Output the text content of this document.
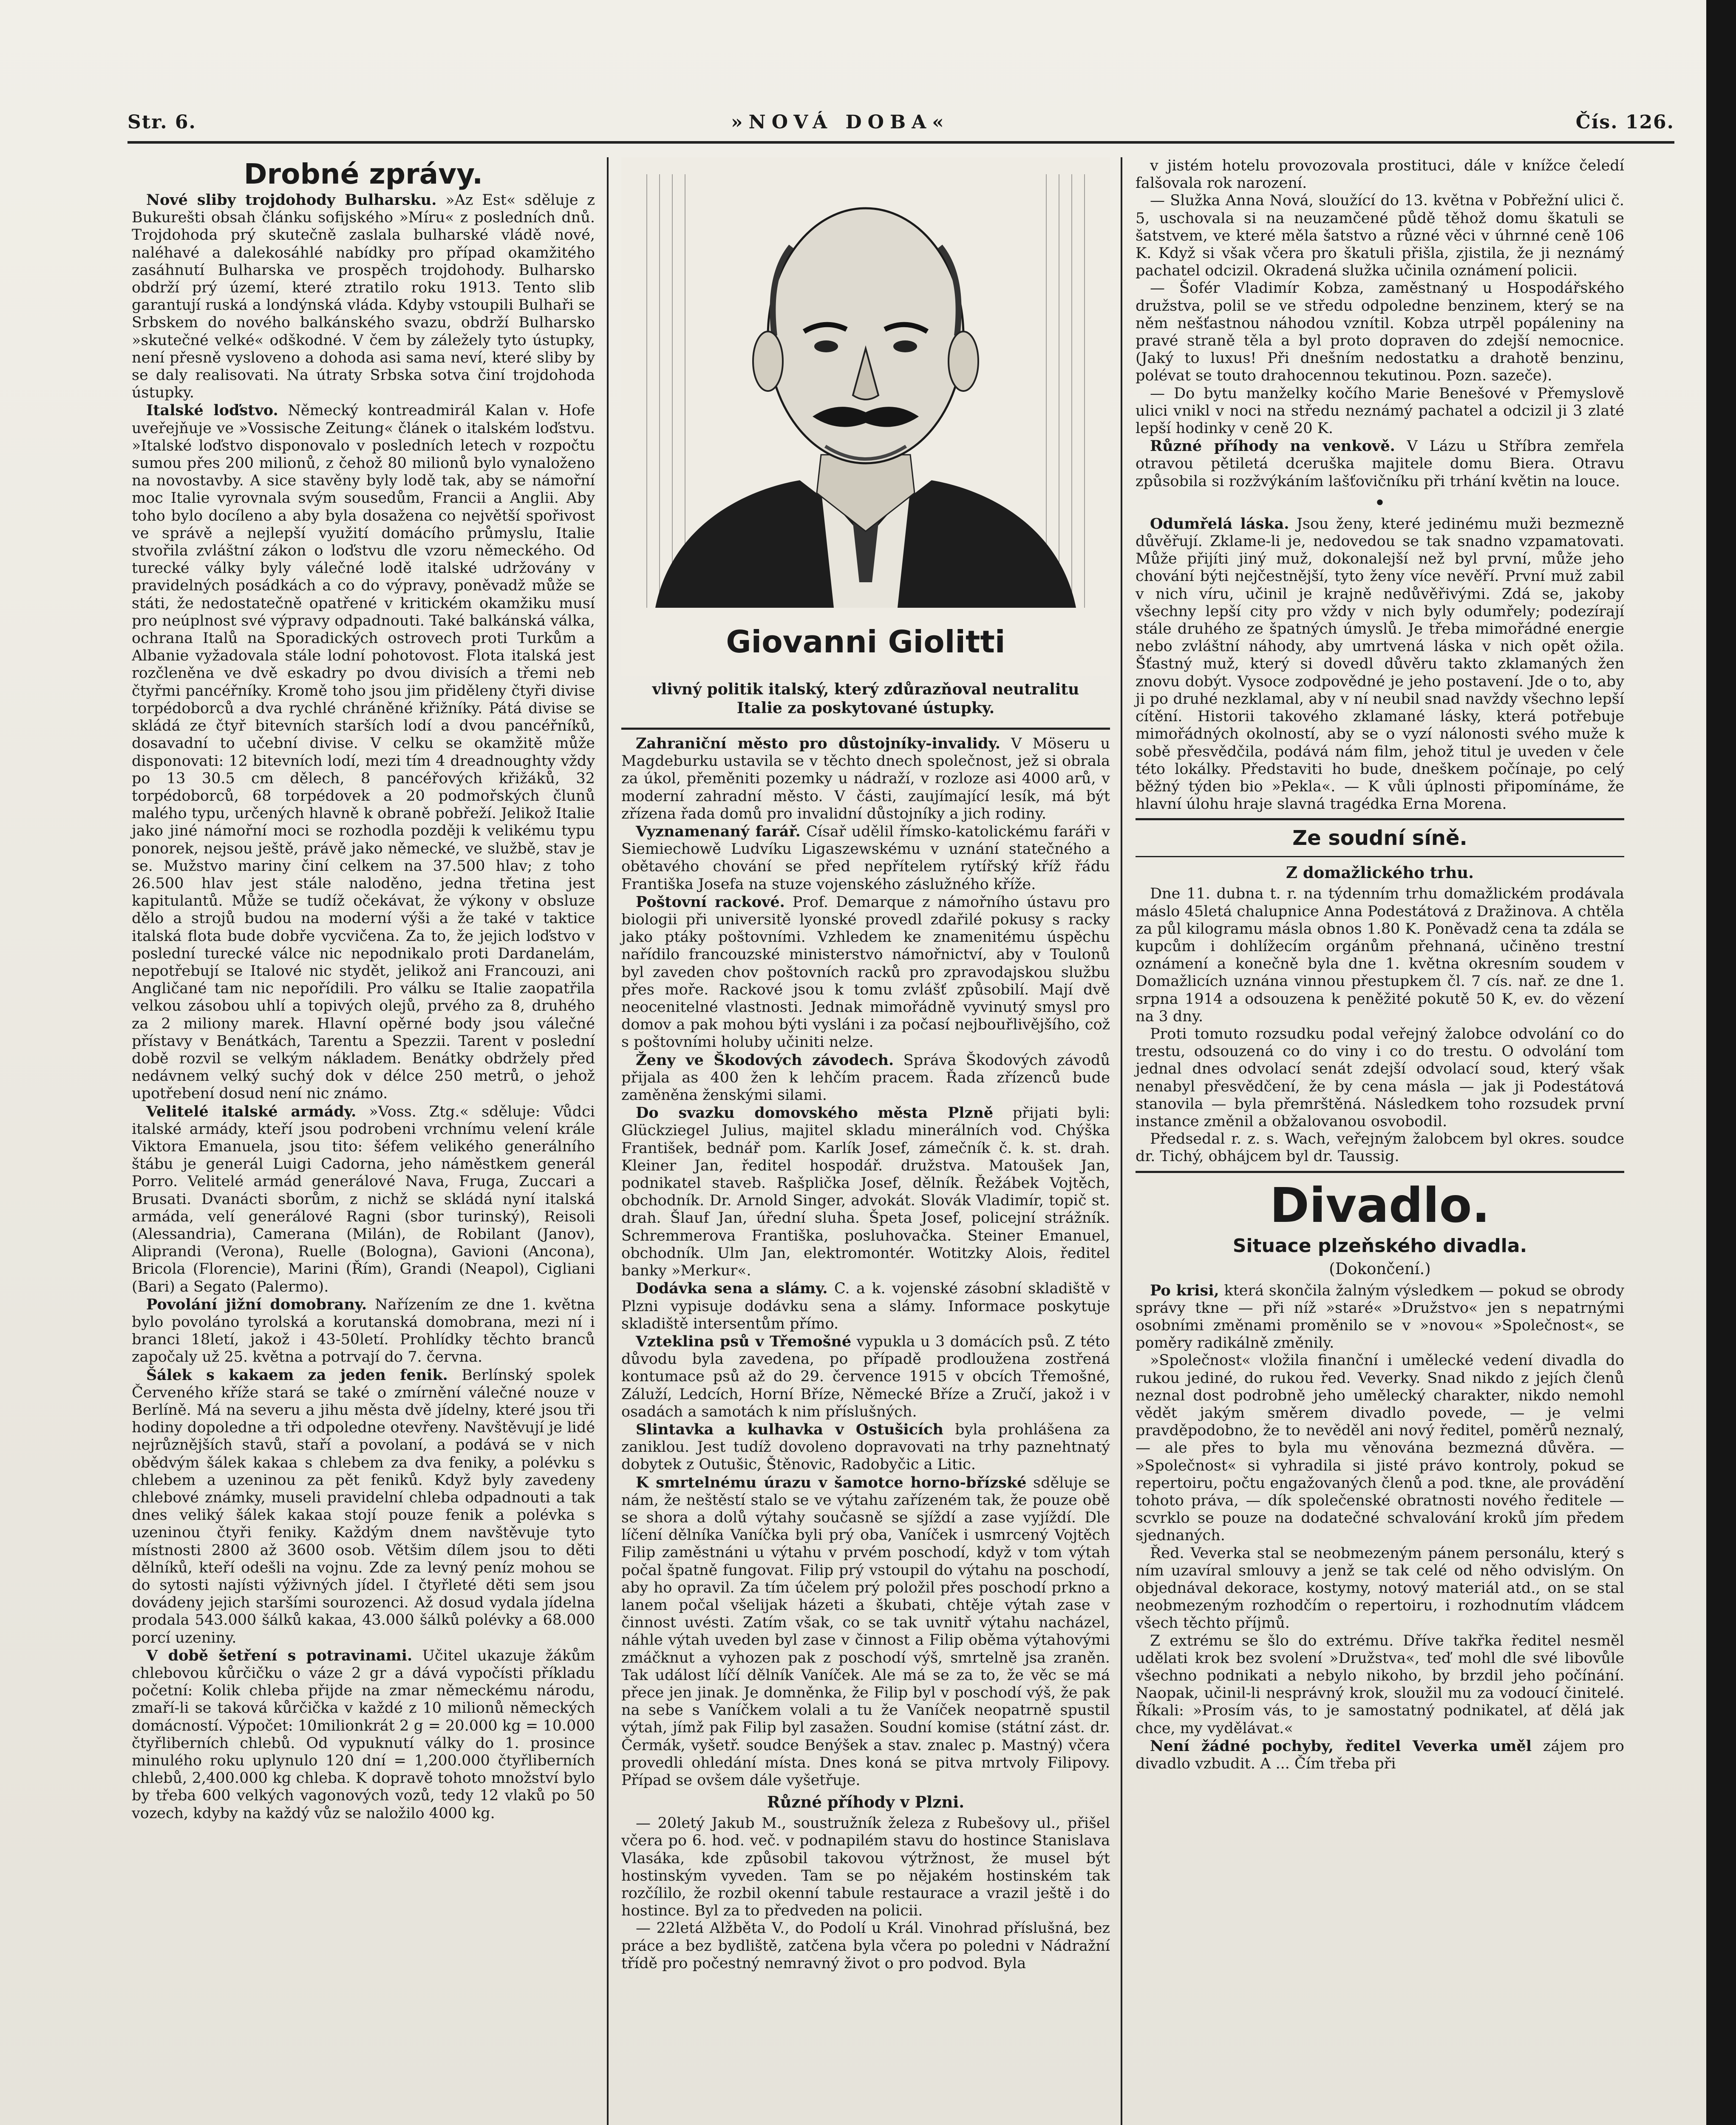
Str. 6.	»NOVÁ DOBA«	Čís. 126.
Drobné zprávy.

Nové sliby trojdohody Bulharsku. »Az Est« sděluje z Bukurešti obsah článku sofijského »Míru« z posledních dnů. Trojdohoda prý skutečně zaslala bulharské vládě nové, naléhavé a dalekosáhlé nabídky pro případ okamžitého zasáhnutí Bulharska ve prospěch trojdohody. Bulharsko obdrží prý území, které ztratilo roku 1913. Tento slib garantují ruská a londýnská vláda. Kdyby vstoupili Bulhaři se Srbskem do nového balkánského svazu, obdrží Bulharsko »skutečné velké« odškodné. V čem by záležely tyto ústupky, není přesně vysloveno a dohoda asi sama neví, které sliby by se daly realisovati. Na útraty Srbska sotva činí trojdohoda ústupky.

Italské loďstvo. Německý kontreadmirál Kalan v. Hofe uveřejňuje ve »Vossische Zeitung« článek o italském loďstvu. »Italské loďstvo disponovalo v posledních letech v rozpočtu sumou přes 200 milionů, z čehož 80 milionů bylo vynaloženo na novostavby. A sice stavěny byly lodě tak, aby se námořní moc Italie vyrovnala svým sousedům, Francii a Anglii. Aby toho bylo docíleno a aby byla dosažena co největší spořivost ve správě a nejlepší využití domácího průmyslu, Italie stvořila zvláštní zákon o loďstvu dle vzoru německého. Od turecké války byly válečné lodě italské udržovány v pravidelných posádkách a co do výpravy, poněvadž může se státi, že nedostatečně opatřené v kritickém okamžiku musí pro neúplnost své výpravy odpadnouti. Také balkánská válka, ochrana Italů na Sporadických ostrovech proti Turkům a Albanie vyžadovala stále lodní pohotovost. Flota italská jest rozčleněna ve dvě eskadry po dvou divisích a třemi neb čtyřmi pancéřníky. Kromě toho jsou jim přiděleny čtyři divise torpédoborců a dva rychlé chráněné křižníky. Pátá divise se skládá ze čtyř bitevních starších lodí a dvou pancéřníků, dosavadní to učební divise. V celku se okamžitě může disponovati: 12 bitevních lodí, mezi tím 4 dreadnoughty vždy po 13 30.5 cm dělech, 8 pancéřových křižáků, 32 torpédoborců, 68 torpédovek a 20 podmořských člunů malého typu, určených hlavně k obraně pobřeží. Jelikož Italie jako jiné námořní moci se rozhodla později k velikému typu ponorek, nejsou ještě, právě jako německé, ve službě, stav je se. Mužstvo mariny činí celkem na 37.500 hlav; z toho 26.500 hlav jest stále naloděno, jedna třetina jest kapitulantů. Může se tudíž očekávat, že výkony v obsluze dělo a strojů budou na moderní výši a že také v taktice italská flota bude dobře vycvičena. Za to, že jejich loďstvo v poslední turecké válce nic nepodnikalo proti Dardanelám, nepotřebují se Italové nic stydět, jelikož ani Francouzi, ani Angličané tam nic nepořídili. Pro válku se Italie zaopatřila velkou zásobou uhlí a topivých olejů, prvého za 8, druhého za 2 miliony marek. Hlavní opěrné body jsou válečné přístavy v Benátkách, Tarentu a Spezzii. Tarent v poslední době rozvil se velkým nákladem. Benátky obdržely před nedávnem velký suchý dok v délce 250 metrů, o jehož upotřebení dosud není nic známo.

Velitelé italské armády. »Voss. Ztg.« sděluje: Vůdci italské armády, kteří jsou podrobeni vrchnímu velení krále Viktora Emanuela, jsou tito: šéfem velikého generálního štábu je generál Luigi Cadorna, jeho náměstkem generál Porro. Velitelé armád generálové Nava, Fruga, Zuccari a Brusati. Dvanácti sborům, z nichž se skládá nyní italská armáda, velí generálové Ragni (sbor turinský), Reisoli (Alessandria), Camerana (Milán), de Robilant (Janov), Aliprandi (Verona), Ruelle (Bologna), Gavioni (Ancona), Bricola (Florencie), Marini (Řím), Grandi (Neapol), Cigliani (Bari) a Segato (Palermo).

Povolání jižní domobrany. Nařízením ze dne 1. května bylo povoláno tyrolská a korutanská domobrana, mezi ní i branci 18letí, jakož i 43-50letí. Prohlídky těchto branců započaly už 25. května a potrvají do 7. června.

Šálek s kakaem za jeden fenik. Berlínský spolek Červeného kříže stará se také o zmírnění válečné nouze v Berlíně. Má na severu a jihu města dvě jídelny, které jsou tři hodiny dopoledne a tři odpoledne otevřeny. Navštěvují je lidé nejrůznějších stavů, staří a povolaní, a podává se v nich obědvým šálek kakaa s chlebem za dva feniky, a polévku s chlebem a uzeninou za pět feniků. Když byly zavedeny chlebové známky, museli pravidelní chleba odpadnouti a tak dnes veliký šálek kakaa stojí pouze fenik a polévka s uzeninou čtyři feniky. Každým dnem navštěvuje tyto místnosti 2800 až 3600 osob. Většim dílem jsou to děti dělníků, kteří odešli na vojnu. Zde za levný peníz mohou se do sytosti najísti výživných jídel. I čtyřleté děti sem jsou dovádeny jejich staršími sourozenci. Až dosud vydala jídelna prodala 543.000 šálků kakaa, 43.000 šálků polévky a 68.000 porcí uzeniny.

V době šetření s potravinami. Učitel ukazuje žákům chlebovou kůrčičku o váze 2 gr a dává vypočísti příkladu početní: Kolik chleba přijde na zmar německému národu, zmaří-li se taková kůrčička v každé z 10 milionů německých domácností. Výpočet: 10milionkrát 2 g = 20.000 kg = 10.000 čtyřliberních chlebů. Od vypuknutí války do 1. prosince minulého roku uplynulo 120 dní = 1,200.000 čtyřliberních chlebů, 2,400.000 kg chleba. K dopravě tohoto množství bylo by třeba 600 velkých vagonových vozů, tedy 12 vlaků po 50 vozech, kdyby na každý vůz se naložilo 4000 kg.

Giovanni Giolitti
vlivný politik italský, který zdůrazňoval neutralitu Italie za poskytované ústupky.

Zahraniční město pro důstojníky-invalidy. V Möseru u Magdeburku ustavila se v těchto dnech společnost, jež si obrala za úkol, přeměniti pozemky u nádraží, v rozloze asi 4000 arů, v moderní zahradní město. V části, zaujímající lesík, má být zřízena řada domů pro invalidní důstojníky a jich rodiny.

Vyznamenaný farář. Císař udělil římsko-katolickému faráři v Siemiechowě Ludvíku Ligaszewskému v uznání statečného a obětavého chování se před nepřítelem rytířský kříž řádu Františka Josefa na stuze vojenského záslužného kříže.

Poštovní rackové. Prof. Demarque z námořního ústavu pro biologii při universitě lyonské provedl zdařilé pokusy s racky jako ptáky poštovními. Vzhledem ke znamenitému úspěchu nařídilo francouzské ministerstvo námořnictví, aby v Toulonů byl zaveden chov poštovních racků pro zpravodajskou službu přes moře. Rackové jsou k tomu zvlášť způsobilí. Mají dvě neocenitelné vlastnosti. Jednak mimořádně vyvinutý smysl pro domov a pak mohou býti vysláni i za počasí nejbouřlivějšího, což s poštovními holuby učiniti nelze.

Ženy ve Škodových závodech. Správa Škodových závodů přijala as 400 žen k lehčím pracem. Řada zřízenců bude zaměněna ženskými silami.

Do svazku domovského města Plzně přijati byli: Glückziegel Julius, majitel skladu minerálních vod. Chýška František, bednář pom. Karlík Josef, zámečník č. k. st. drah. Kleiner Jan, ředitel hospodář. družstva. Matoušek Jan, podnikatel staveb. Rašplička Josef, dělník. Řežábek Vojtěch, obchodník. Dr. Arnold Singer, advokát. Slovák Vladimír, topič st. drah. Šlauf Jan, úřední sluha. Špeta Josef, policejní strážník. Schremmerova Františka, posluhovačka. Steiner Emanuel, obchodník. Ulm Jan, elektromontér. Wotitzky Alois, ředitel banky »Merkur«.

Dodávka sena a slámy. C. a k. vojenské zásobní skladiště v Plzni vypisuje dodávku sena a slámy. Informace poskytuje skladiště intersentům přímo.

Vzteklina psů v Třemošné vypukla u 3 domácích psů. Z této důvodu byla zavedena, po případě prodloužena zostřená kontumace psů až do 29. července 1915 v obcích Třemošné, Záluží, Ledcích, Horní Bříze, Německé Bříze a Zručí, jakož i v osadách a samotách k nim příslušných.

Slintavka a kulhavka v Ostušicích byla prohlášena za zaniklou. Jest tudíž dovoleno dopravovati na trhy paznehtnatý dobytek z Outušic, Štěnovic, Radobyčic a Litic.

K smrtelnému úrazu v šamotce horno-břízské sděluje se nám, že neštěstí stalo se ve výtahu zařízeném tak, že pouze obě se shora a dolů výtahy současně se sjíždí a zase vyjíždí. Dle líčení dělníka Vaníčka byli prý oba, Vaníček i usmrcený Vojtěch Filip zaměstnáni u výtahu v prvém poschodí, když v tom výtah počal špatně fungovat. Filip prý vstoupil do výtahu na poschodí, aby ho opravil. Za tím účelem prý položil přes poschodí prkno a lanem počal všelijak házeti a škubati, chtěje výtah zase v činnost uvésti. Zatím však, co se tak uvnitř výtahu nacházel, náhle výtah uveden byl zase v činnost a Filip oběma výtahovými zmáčknut a vyhozen pak z poschodí výš, smrtelně jsa zraněn. Tak událost líčí dělník Vaníček. Ale má se za to, že věc se má přece jen jinak. Je domněnka, že Filip byl v poschodí výš, že pak na sebe s Vaníčkem volali a tu že Vaníček neopatrně spustil výtah, jímž pak Filip byl zasažen. Soudní komise (státní zást. dr. Čermák, vyšetř. soudce Benýšek a stav. znalec p. Mastný) včera provedli ohledání místa. Dnes koná se pitva mrtvoly Filipovy. Případ se ovšem dále vyšetřuje.

Různé příhody v Plzni.

— 20letý Jakub M., soustružník železa z Rubešovy ul., přišel včera po 6. hod. več. v podnapilém stavu do hostince Stanislava Vlasáka, kde způsobil takovou výtržnost, že musel být hostinským vyveden. Tam se po nějakém hostinském tak rozčílilo, že rozbil okenní tabule restaurace a vrazil ještě i do hostince. Byl za to předveden na policii.

— 22letá Alžběta V., do Podolí u Král. Vinohrad příslušná, bez práce a bez bydliště, zatčena byla včera po poledni v Nádražní třídě pro počestný nemravný život o pro podvod. Byla

v jistém hotelu provozovala prostituci, dále v knížce čeledí falšovala rok narození.

— Služka Anna Nová, sloužící do 13. května v Pobřežní ulici č. 5, uschovala si na neuzamčené půdě těhož domu škatuli se šatstvem, ve které měla šatstvo a různé věci v úhrnné ceně 106 K. Když si však včera pro škatuli přišla, zjistila, že ji neznámý pachatel odcizil. Okradená služka učinila oznámení policii.

— Šofér Vladimír Kobza, zaměstnaný u Hospodářského družstva, polil se ve středu odpoledne benzinem, který se na něm nešťastnou náhodou vznítil. Kobza utrpěl popáleniny na pravé straně těla a byl proto dopraven do zdejší nemocnice. (Jaký to luxus! Při dnešním nedostatku a drahotě benzinu, polévat se touto drahocennou tekutinou. Pozn. sazeče).

— Do bytu manželky kočího Marie Benešové v Přemyslově ulici vnikl v noci na středu neznámý pachatel a odcizil ji 3 zlaté lepší hodinky v ceně 20 K.

Různé příhody na venkově. V Lázu u Stříbra zemřela otravou pětiletá dceruška majitele domu Biera. Otravu způsobila si rozžvýkáním lašťovičníku při trhání květin na louce.

•

Odumřelá láska. Jsou ženy, které jedinému muži bezmezně důvěřují. Zklame-li je, nedovedou se tak snadno vzpamatovati. Může přijíti jiný muž, dokonalejší než byl první, může jeho chování býti nejčestnější, tyto ženy více nevěří. První muž zabil v nich víru, učinil je krajně nedůvěřivými. Zdá se, jakoby všechny lepší city pro vždy v nich byly odumřely; podezírají stále druhého ze špatných úmyslů. Je třeba mimořádné energie nebo zvláštní náhody, aby umrtvená láska v nich opět ožila. Šťastný muž, který si dovedl důvěru takto zklamaných žen znovu dobýt. Vysoce zodpovědné je jeho postavení. Jde o to, aby ji po druhé nezklamal, aby v ní neubil snad navždy všechno lepší cítění. Historii takového zklamané lásky, která potřebuje mimořádných okolností, aby se o vyzí nálonosti svého muže k sobě přesvědčila, podává nám film, jehož titul je uveden v čele této lokálky. Představiti ho bude, dneškem počínaje, po celý běžný týden bio »Pekla«. — K vůli úplnosti připomínáme, že hlavní úlohu hraje slavná tragédka Erna Morena.

Ze soudní síně.
Z domažlického trhu.

Dne 11. dubna t. r. na týdenním trhu domažlickém prodávala máslo 45letá chalupnice Anna Podestátová z Dražinova. A chtěla za půl kilogramu másla obnos 1.80 K. Poněvadž cena ta zdála se kupcům i dohlížecím orgánům přehnaná, učiněno trestní oznámení a konečně byla dne 1. května okresním soudem v Domažlicích uznána vinnou přestupkem čl. 7 cís. nař. ze dne 1. srpna 1914 a odsouzena k peněžité pokutě 50 K, ev. do vězení na 3 dny.

Proti tomuto rozsudku podal veřejný žalobce odvolání co do trestu, odsouzená co do viny i co do trestu. O odvolání tom jednal dnes odvolací senát zdejší odvolací soud, který však nenabyl přesvědčení, že by cena másla — jak ji Podestátová stanovila — byla přemrštěná. Následkem toho rozsudek první instance změnil a obžalovanou osvobodil.

Předsedal r. z. s. Wach, veřejným žalobcem byl okres. soudce dr. Tichý, obhájcem byl dr. Taussig.

Divadlo.
Situace plzeňského divadla.
(Dokončení.)

Po krisi, která skončila žalným výsledkem — pokud se obrody správy tkne — při níž »staré« »Družstvo« jen s nepatrnými osobními změnami proměnilo se v »novou« »Společnost«, se poměry radikálně změnily.

»Společnost« vložila finanční i umělecké vedení divadla do rukou jediné, do rukou řed. Veverky. Snad nikdo z jejích členů neznal dost podrobně jeho umělecký charakter, nikdo nemohl vědět jakým směrem divadlo povede, — je velmi pravděpodobno, že to nevěděl ani nový ředitel, poměrů neznalý, — ale přes to byla mu věnována bezmezná důvěra. — »Společnost« si vyhradila si jisté právo kontroly, pokud se repertoiru, počtu engažovaných členů a pod. tkne, ale provádění tohoto práva, — dík společenské obratnosti nového ředitele — scvrklo se pouze na dodatečné schvalování kroků jím předem sjednaných.

Řed. Veverka stal se neobmezeným pánem personálu, který s ním uzavíral smlouvy a jenž se tak celé od něho odvislým. On objednával dekorace, kostymy, notový materiál atd., on se stal neobmezeným rozhodčím o repertoiru, i rozhodnutím vládcem všech těchto příjmů.

Z extrému se šlo do extrému. Dříve takřka ředitel nesměl udělati krok bez svolení »Družstva«, teď mohl dle své libovůle všechno podnikati a nebylo nikoho, by brzdil jeho počínání. Naopak, učinil-li nesprávný krok, sloužil mu za vodoucí činitelé. Říkali: »Prosím vás, to je samostatný podnikatel, ať dělá jak chce, my vydělávat.«

Není žádné pochyby, ředitel Veverka uměl zájem pro divadlo vzbudit. A ... Čím třeba při
